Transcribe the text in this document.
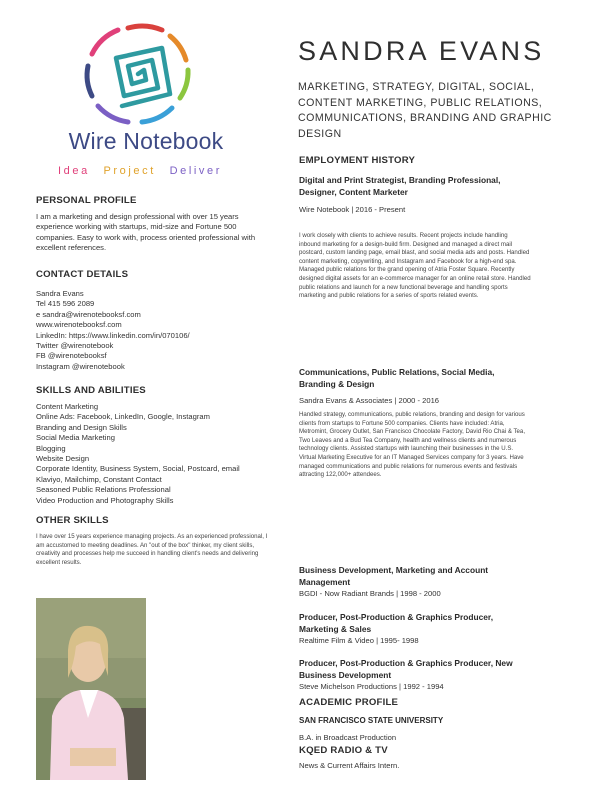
Wire Notebook
Idea Project Deliver
PERSONAL PROFILE
I am a marketing and design professional with over 15 years experience working with startups, mid-size and Fortune 500 companies. Easy to work with, process oriented professional with excellent references.
CONTACT DETAILS
Sandra Evans
Tel 415 596 2089
e sandra@wirenotebooksf.com
www.wirenotebooksf.com
LinkedIn: https://www.linkedin.com/in/070106/
Twitter @wirenotebook
FB @wirenotebooksf
Instagram @wirenotebook
SKILLS AND ABILITIES
Content Marketing
Online Ads: Facebook, LinkedIn, Google, Instagram
Branding and Design Skills
Social Media Marketing
Blogging
Website Design
Corporate Identity, Business System, Social, Postcard, email
Klaviyo, Mailchimp, Constant Contact
Seasoned Public Relations Professional
Video Production and Photography Skills
OTHER SKILLS
I have over 15 years experience managing projects. As an experienced professional, I am accustomed to meeting deadlines. An "out of the box" thinker, my client skills, creativity and processes help me succeed in handling client's needs and delivering excellent results.
SANDRA EVANS
MARKETING, STRATEGY, DIGITAL, SOCIAL, CONTENT MARKETING, PUBLIC RELATIONS, COMMUNICATIONS, BRANDING AND GRAPHIC DESIGN
EMPLOYMENT HISTORY
Digital and Print Strategist, Branding Professional, Designer, Content Marketer
Wire Notebook | 2016 - Present
I work closely with clients to achieve results. Recent projects include handling inbound marketing for a design-build firm. Designed and managed a direct mail postcard, custom landing page, email blast, and social media ads and posts. Handled content marketing, copywriting, and Instagram and Facebook for a high-end spa. Managed public relations for the grand opening of Atria Foster Square. Recently designed digital assets for an e-commerce manager for an online retail store. Handled public relations and launch for a new functional beverage and handling sports marketing and public relations for a series of sports related events.
Communications, Public Relations, Social Media, Branding & Design
Sandra Evans & Associates | 2000 - 2016
Handled strategy, communications, public relations, branding and design for various clients from startups to Fortune 500 companies. Clients have included: Atria, Metromint, Grocery Outlet, San Francisco Chocolate Factory, David Rio Chai & Tea, Two Leaves and a Bud Tea Company, health and wellness clients and numerous technology clients. Assisted startups with launching their businesses in the U.S. Virtual Marketing Executive for an IT Managed Services company for 3 years. Have managed communications and public relations for numerous events and festivals attracting 122,000+ attendees.
Business Development, Marketing and Account Management
BGDI - Now Radiant Brands | 1998 - 2000
Producer, Post-Production & Graphics Producer, Marketing & Sales
Realtime Film & Video | 1995- 1998
Producer, Post-Production & Graphics Producer, New Business Development
Steve Michelson Productions | 1992 - 1994
ACADEMIC PROFILE
SAN FRANCISCO STATE UNIVERSITY
B.A. in Broadcast Production
KQED RADIO & TV
News & Current Affairs Intern.
